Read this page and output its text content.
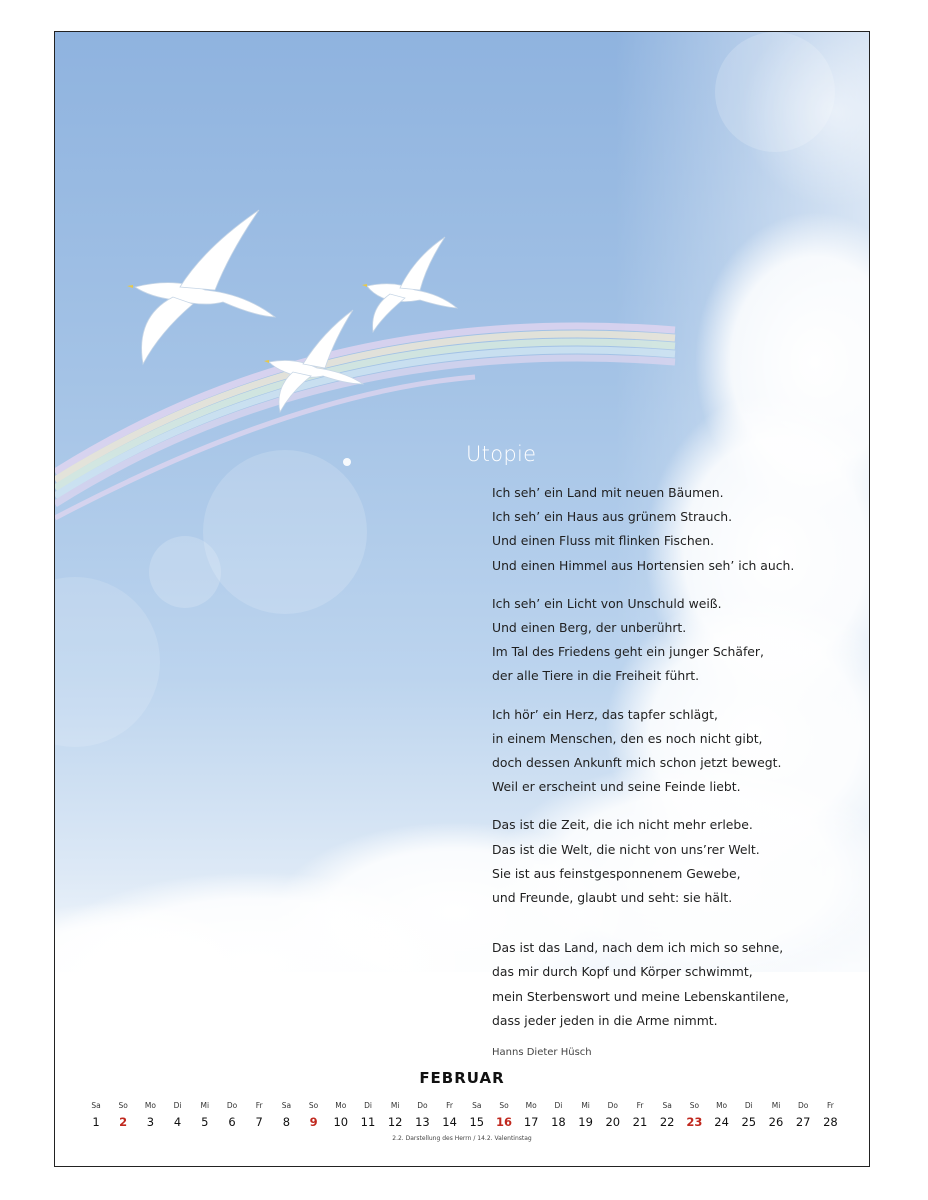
Utopie
Ich seh’ ein Land mit neuen Bäumen.
Ich seh’ ein Haus aus grünem Strauch.
Und einen Fluss mit flinken Fischen.
Und einen Himmel aus Hortensien seh’ ich auch.
Ich seh’ ein Licht von Unschuld weiß.
Und einen Berg, der unberührt.
Im Tal des Friedens geht ein junger Schäfer,
der alle Tiere in die Freiheit führt.
Ich hör’ ein Herz, das tapfer schlägt,
in einem Menschen, den es noch nicht gibt,
doch dessen Ankunft mich schon jetzt bewegt.
Weil er erscheint und seine Feinde liebt.
Das ist die Zeit, die ich nicht mehr erlebe.
Das ist die Welt, die nicht von uns’rer Welt.
Sie ist aus feinstgesponnenem Gewebe,
und Freunde, glaubt und seht: sie hält.
Das ist das Land, nach dem ich mich so sehne,
das mir durch Kopf und Körper schwimmt,
mein Sterbenswort und meine Lebenskantilene,
dass jeder jeden in die Arme nimmt.
Hanns Dieter Hüsch
FEBRUAR
Sa
1
So
2
Mo
3
Di
4
Mi
5
Do
6
Fr
7
Sa
8
So
9
Mo
10
Di
11
Mi
12
Do
13
Fr
14
Sa
15
So
16
Mo
17
Di
18
Mi
19
Do
20
Fr
21
Sa
22
So
23
Mo
24
Di
25
Mi
26
Do
27
Fr
28
2.2. Darstellung des Herrn / 14.2. Valentinstag
